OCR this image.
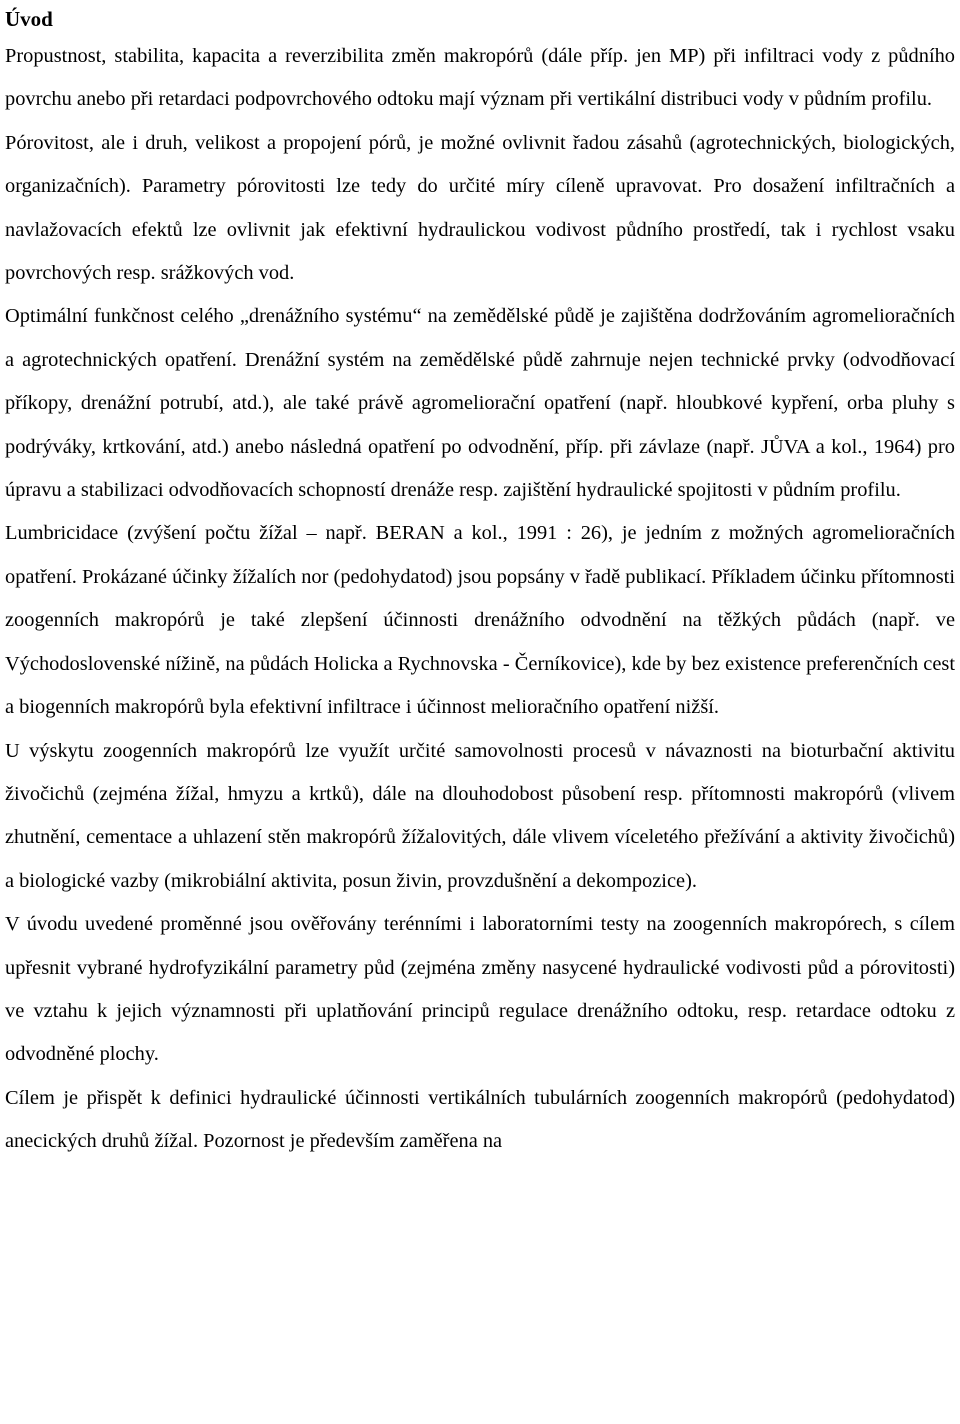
Úvod

Propustnost, stabilita, kapacita a reverzibilita změn makropórů (dále příp. jen MP) při infiltraci vody z půdního povrchu anebo při retardaci podpovrchového odtoku mají význam při vertikální distribuci vody v půdním profilu.

Pórovitost, ale i druh, velikost a propojení pórů, je možné ovlivnit řadou zásahů (agrotechnických, biologických, organizačních). Parametry pórovitosti lze tedy do určité míry cíleně upravovat. Pro dosažení infiltračních a navlažovacích efektů lze ovlivnit jak efektivní hydraulickou vodivost půdního prostředí, tak i rychlost vsaku povrchových resp. srážkových vod.

Optimální funkčnost celého „drenážního systému“ na zemědělské půdě je zajištěna dodržováním agromelioračních a agrotechnických opatření. Drenážní systém na zemědělské půdě zahrnuje nejen technické prvky (odvodňovací příkopy, drenážní potrubí, atd.), ale také právě agromeliorační opatření (např. hloubkové kypření, orba pluhy s podrýváky, krtkování, atd.) anebo následná opatření po odvodnění, příp. při závlaze (např. JŮVA a kol., 1964) pro úpravu a stabilizaci odvodňovacích schopností drenáže resp. zajištění hydraulické spojitosti v půdním profilu.

Lumbricidace (zvýšení počtu žížal – např. BERAN a kol., 1991 : 26), je jedním z možných agromelioračních opatření. Prokázané účinky žížalích nor (pedohydatod) jsou popsány v řadě publikací. Příkladem účinku přítomnosti zoogenních makropórů je také zlepšení účinnosti drenážního odvodnění na těžkých půdách (např. ve Východoslovenské nížině, na půdách Holicka a Rychnovska - Černíkovice), kde by bez existence preferenčních cest a biogenních makropórů byla efektivní infiltrace i účinnost melioračního opatření nižší.

U výskytu zoogenních makropórů lze využít určité samovolnosti procesů v návaznosti na bioturbační aktivitu živočichů (zejména žížal, hmyzu a krtků), dále na dlouhodobost působení resp. přítomnosti makropórů (vlivem zhutnění, cementace a uhlazení stěn makropórů žížalovitých, dále vlivem víceletého přežívání a aktivity živočichů) a biologické vazby (mikrobiální aktivita, posun živin, provzdušnění a dekompozice).

V úvodu uvedené proměnné jsou ověřovány terénními i laboratorními testy na zoogenních makropórech, s cílem upřesnit vybrané hydrofyzikální parametry půd (zejména změny nasycené hydraulické vodivosti půd a pórovitosti) ve vztahu k jejich významnosti při uplatňování principů regulace drenážního odtoku, resp. retardace odtoku z odvodněné plochy.

Cílem je přispět k definici hydraulické účinnosti vertikálních tubulárních zoogenních makropórů (pedohydatod) anecických druhů žížal. Pozornost je především zaměřena na
